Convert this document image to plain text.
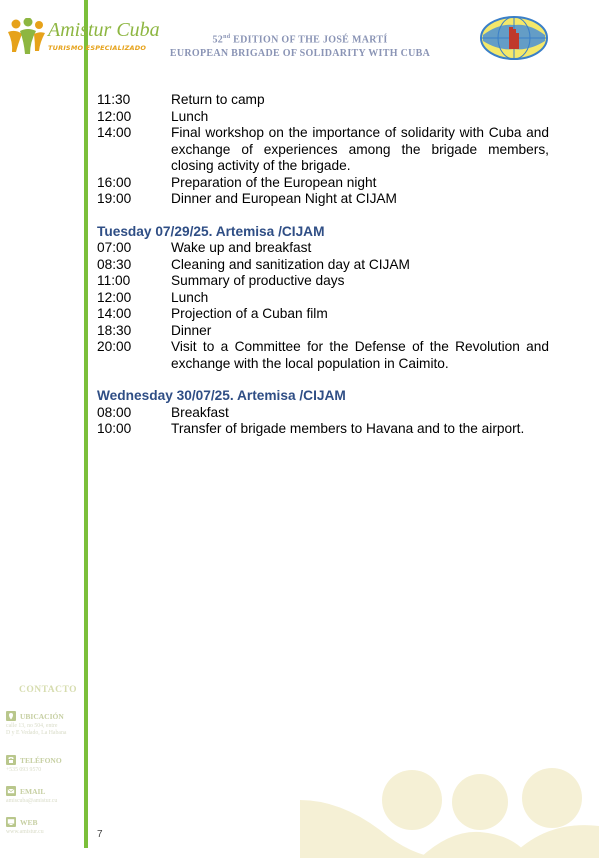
Amistur Cuba
TURISMO ESPECIALIZADO
52nd EDITION OF THE JOSÉ MARTÍ
EUROPEAN BRIGADE OF SOLIDARITY WITH CUBA
11:30	Return to camp
12:00	Lunch
14:00	Final workshop on the importance of solidarity with Cuba and exchange of experiences among the brigade members, closing activity of the brigade.
16:00	Preparation of the European night
19:00	Dinner and European Night at CIJAM
Tuesday 07/29/25. Artemisa /CIJAM
07:00	Wake up and breakfast
08:30	Cleaning and sanitization day at CIJAM
11:00	Summary of productive days
12:00	Lunch
14:00	Projection of a Cuban film
18:30	Dinner
20:00	Visit to a Committee for the Defense of the Revolution and exchange with the local population in Caimito.
Wednesday 30/07/25. Artemisa /CIJAM
08:00	Breakfast
10:00	Transfer of brigade members to Havana and to the airport.
CONTACTO
UBICACIÓN
calle 13, no 504, entre
D y E Vedado, La Habana
TELÉFONO
+535 093 9570
EMAIL
amiscuba@amistur.cu
WEB
www.amistur.cu	7
